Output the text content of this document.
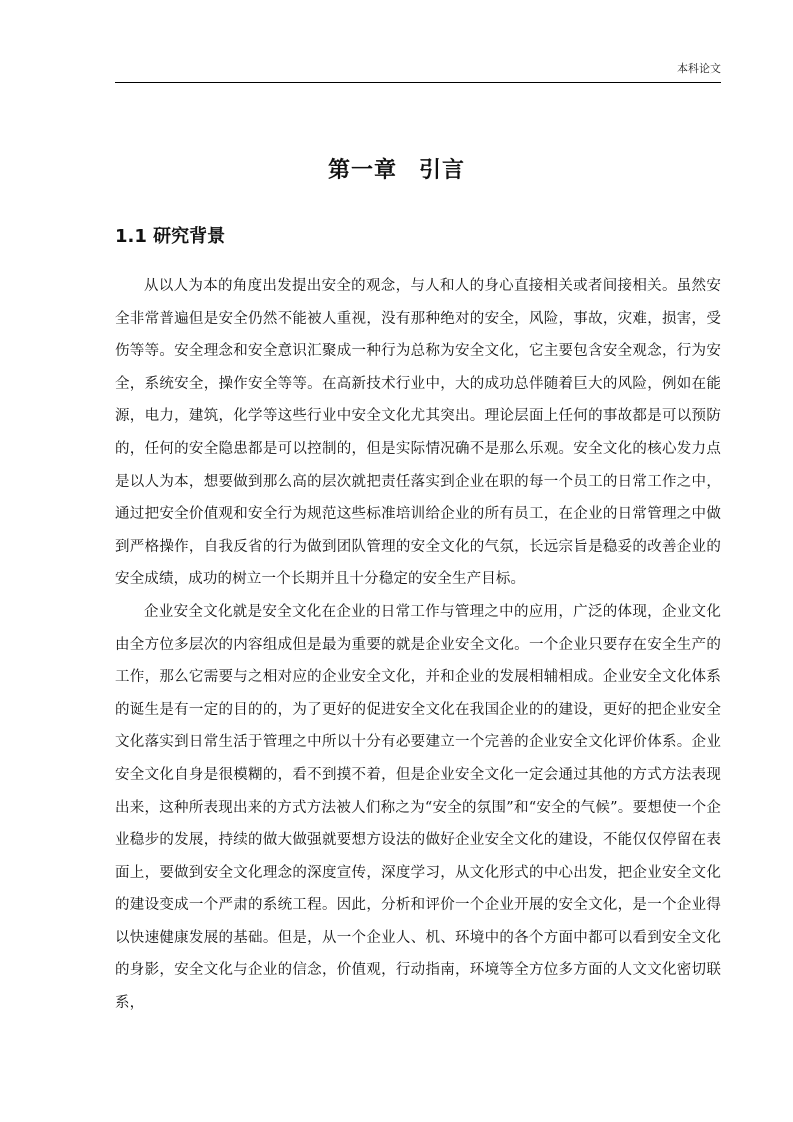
本科论文
第一章 引言
1.1 研究背景

从以人为本的角度出发提出安全的观念，与人和人的身心直接相关或者间接相关。虽然安全非常普遍但是安全仍然不能被人重视，没有那种绝对的安全，风险，事故，灾难，损害，受伤等等。安全理念和安全意识汇聚成一种行为总称为安全文化，它主要包含安全观念，行为安全，系统安全，操作安全等等。在高新技术行业中，大的成功总伴随着巨大的风险，例如在能源，电力，建筑，化学等这些行业中安全文化尤其突出。理论层面上任何的事故都是可以预防的，任何的安全隐患都是可以控制的，但是实际情况确不是那么乐观。安全文化的核心发力点是以人为本，想要做到那么高的层次就把责任落实到企业在职的每一个员工的日常工作之中，通过把安全价值观和安全行为规范这些标准培训给企业的所有员工，在企业的日常管理之中做到严格操作，自我反省的行为做到团队管理的安全文化的气氛，长远宗旨是稳妥的改善企业的安全成绩，成功的树立一个长期并且十分稳定的安全生产目标。

企业安全文化就是安全文化在企业的日常工作与管理之中的应用，广泛的体现，企业文化由全方位多层次的内容组成但是最为重要的就是企业安全文化。一个企业只要存在安全生产的工作，那么它需要与之相对应的企业安全文化，并和企业的发展相辅相成。企业安全文化体系的诞生是有一定的目的的，为了更好的促进安全文化在我国企业的的建设，更好的把企业安全文化落实到日常生活于管理之中所以十分有必要建立一个完善的企业安全文化评价体系。企业安全文化自身是很模糊的，看不到摸不着，但是企业安全文化一定会通过其他的方式方法表现出来，这种所表现出来的方式方法被人们称之为“安全的氛围”和“安全的气候”。要想使一个企业稳步的发展，持续的做大做强就要想方设法的做好企业安全文化的建设，不能仅仅停留在表面上，要做到安全文化理念的深度宣传，深度学习，从文化形式的中心出发，把企业安全文化的建设变成一个严肃的系统工程。因此，分析和评价一个企业开展的安全文化，是一个企业得以快速健康发展的基础。但是，从一个企业人、机、环境中的各个方面中都可以看到安全文化的身影，安全文化与企业的信念，价值观，行动指南，环境等全方位多方面的人文文化密切联系，
